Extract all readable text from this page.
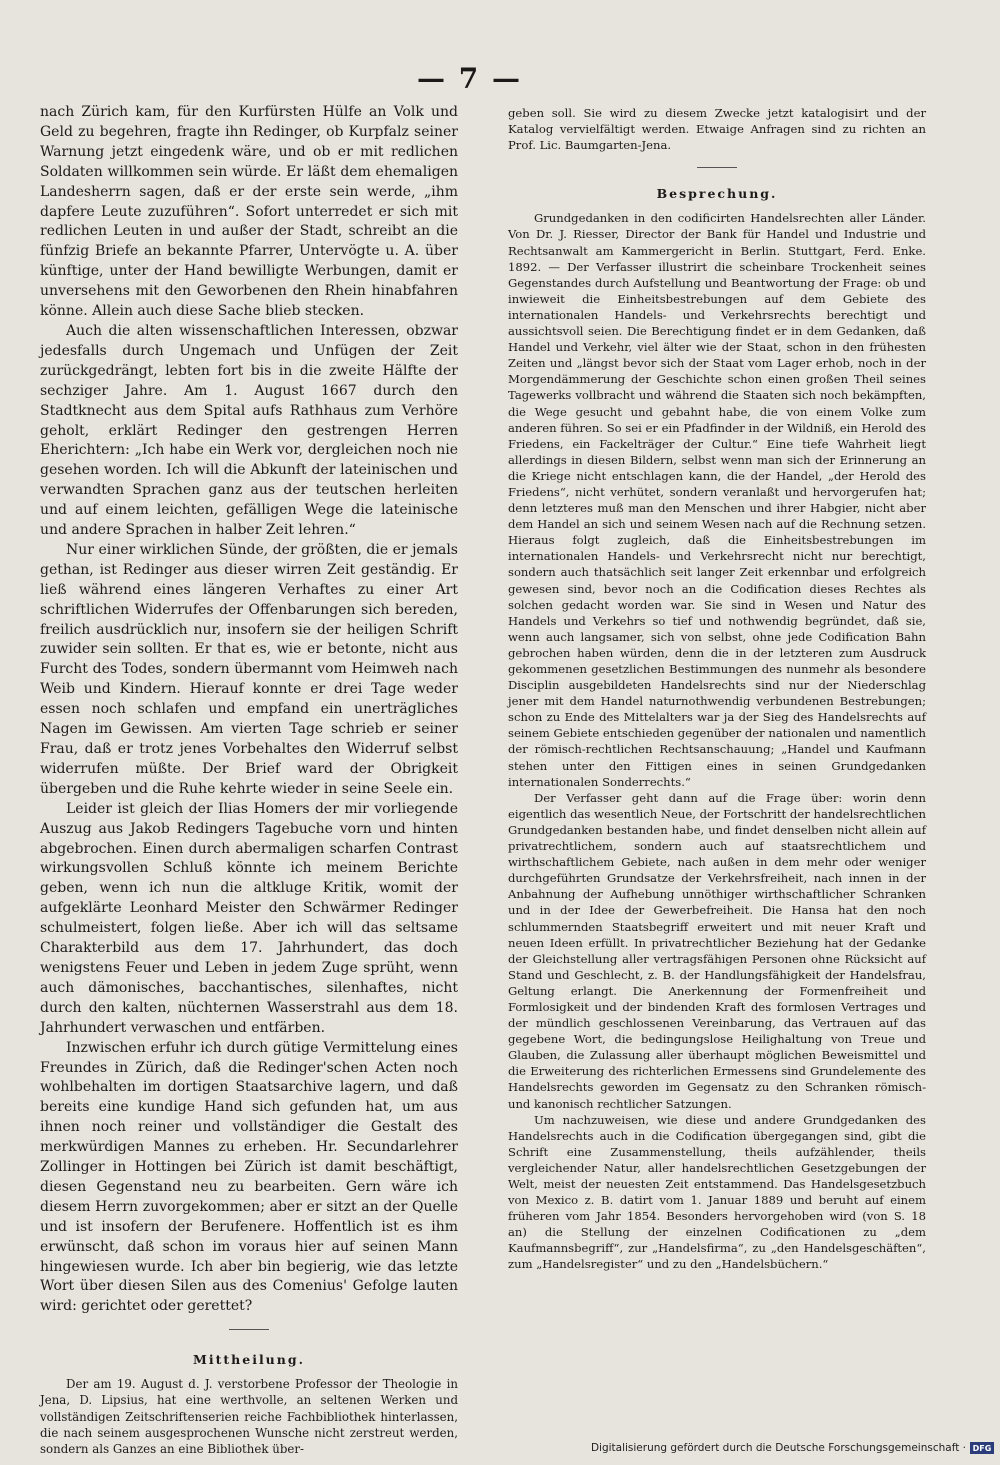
— 7 —

nach Zürich kam, für den Kurfürsten Hülfe an Volk und Geld zu begehren, fragte ihn Redinger, ob Kurpfalz seiner Warnung jetzt eingedenk wäre, und ob er mit redlichen Soldaten willkommen sein würde. Er läßt dem ehemaligen Landesherrn sagen, daß er der erste sein werde, „ihm dapfere Leute zuzuführen“. Sofort unterredet er sich mit redlichen Leuten in und außer der Stadt, schreibt an die fünfzig Briefe an bekannte Pfarrer, Untervögte u. A. über künftige, unter der Hand bewilligte Werbungen, damit er unversehens mit den Geworbenen den Rhein hinabfahren könne. Allein auch diese Sache blieb stecken.

Auch die alten wissenschaftlichen Interessen, obzwar jedesfalls durch Ungemach und Unfügen der Zeit zurückgedrängt, lebten fort bis in die zweite Hälfte der sechziger Jahre. Am 1. August 1667 durch den Stadtknecht aus dem Spital aufs Rathhaus zum Verhöre geholt, erklärt Redinger den gestrengen Herren Eherichtern: „Ich habe ein Werk vor, dergleichen noch nie gesehen worden. Ich will die Abkunft der lateinischen und verwandten Sprachen ganz aus der teutschen herleiten und auf einem leichten, gefälligen Wege die lateinische und andere Sprachen in halber Zeit lehren.“

Nur einer wirklichen Sünde, der größten, die er jemals gethan, ist Redinger aus dieser wirren Zeit geständig. Er ließ während eines längeren Verhaftes zu einer Art schriftlichen Widerrufes der Offenbarungen sich bereden, freilich ausdrücklich nur, insofern sie der heiligen Schrift zuwider sein sollten. Er that es, wie er betonte, nicht aus Furcht des Todes, sondern übermannt vom Heimweh nach Weib und Kindern. Hierauf konnte er drei Tage weder essen noch schlafen und empfand ein unerträgliches Nagen im Gewissen. Am vierten Tage schrieb er seiner Frau, daß er trotz jenes Vorbehaltes den Widerruf selbst widerrufen müßte. Der Brief ward der Obrigkeit übergeben und die Ruhe kehrte wieder in seine Seele ein.

Leider ist gleich der Ilias Homers der mir vorliegende Auszug aus Jakob Redingers Tagebuche vorn und hinten abgebrochen. Einen durch abermaligen scharfen Contrast wirkungsvollen Schluß könnte ich meinem Berichte geben, wenn ich nun die altkluge Kritik, womit der aufgeklärte Leonhard Meister den Schwärmer Redinger schulmeistert, folgen ließe. Aber ich will das seltsame Charakterbild aus dem 17. Jahrhundert, das doch wenigstens Feuer und Leben in jedem Zuge sprüht, wenn auch dämonisches, bacchantisches, silenhaftes, nicht durch den kalten, nüchternen Wasserstrahl aus dem 18. Jahrhundert verwaschen und entfärben.

Inzwischen erfuhr ich durch gütige Vermittelung eines Freundes in Zürich, daß die Redinger'schen Acten noch wohlbehalten im dortigen Staatsarchive lagern, und daß bereits eine kundige Hand sich gefunden hat, um aus ihnen noch reiner und vollständiger die Gestalt des merkwürdigen Mannes zu erheben. Hr. Secundarlehrer Zollinger in Hottingen bei Zürich ist damit beschäftigt, diesen Gegenstand neu zu bearbeiten. Gern wäre ich diesem Herrn zuvorgekommen; aber er sitzt an der Quelle und ist insofern der Berufenere. Hoffentlich ist es ihm erwünscht, daß schon im voraus hier auf seinen Mann hingewiesen wurde. Ich aber bin begierig, wie das letzte Wort über diesen Silen aus des Comenius' Gefolge lauten wird: gerichtet oder gerettet?

Mittheilung.

Der am 19. August d. J. verstorbene Professor der Theologie in Jena, D. Lipsius, hat eine werthvolle, an seltenen Werken und vollständigen Zeitschriftenserien reiche Fachbibliothek hinterlassen, die nach seinem ausgesprochenen Wunsche nicht zerstreut werden, sondern als Ganzes an eine Bibliothek über-

geben soll. Sie wird zu diesem Zwecke jetzt katalogisirt und der Katalog vervielfältigt werden. Etwaige Anfragen sind zu richten an Prof. Lic. Baumgarten-Jena.

Besprechung.

Grundgedanken in den codificirten Handelsrechten aller Länder. Von Dr. J. Riesser, Director der Bank für Handel und Industrie und Rechtsanwalt am Kammergericht in Berlin. Stuttgart, Ferd. Enke. 1892. — Der Verfasser illustrirt die scheinbare Trockenheit seines Gegenstandes durch Aufstellung und Beantwortung der Frage: ob und inwieweit die Einheitsbestrebungen auf dem Gebiete des internationalen Handels- und Verkehrsrechts berechtigt und aussichtsvoll seien. Die Berechtigung findet er in dem Gedanken, daß Handel und Verkehr, viel älter wie der Staat, schon in den frühesten Zeiten und „längst bevor sich der Staat vom Lager erhob, noch in der Morgendämmerung der Geschichte schon einen großen Theil seines Tagewerks vollbracht und während die Staaten sich noch bekämpften, die Wege gesucht und gebahnt habe, die von einem Volke zum anderen führen. So sei er ein Pfadfinder in der Wildniß, ein Herold des Friedens, ein Fackelträger der Cultur.“ Eine tiefe Wahrheit liegt allerdings in diesen Bildern, selbst wenn man sich der Erinnerung an die Kriege nicht entschlagen kann, die der Handel, „der Herold des Friedens“, nicht verhütet, sondern veranlaßt und hervorgerufen hat; denn letzteres muß man den Menschen und ihrer Habgier, nicht aber dem Handel an sich und seinem Wesen nach auf die Rechnung setzen. Hieraus folgt zugleich, daß die Einheitsbestrebungen im internationalen Handels- und Verkehrsrecht nicht nur berechtigt, sondern auch thatsächlich seit langer Zeit erkennbar und erfolgreich gewesen sind, bevor noch an die Codification dieses Rechtes als solchen gedacht worden war. Sie sind in Wesen und Natur des Handels und Verkehrs so tief und nothwendig begründet, daß sie, wenn auch langsamer, sich von selbst, ohne jede Codification Bahn gebrochen haben würden, denn die in der letzteren zum Ausdruck gekommenen gesetzlichen Bestimmungen des nunmehr als besondere Disciplin ausgebildeten Handelsrechts sind nur der Niederschlag jener mit dem Handel naturnothwendig verbundenen Bestrebungen; schon zu Ende des Mittelalters war ja der Sieg des Handelsrechts auf seinem Gebiete entschieden gegenüber der nationalen und namentlich der römisch-rechtlichen Rechtsanschauung; „Handel und Kaufmann stehen unter den Fittigen eines in seinen Grundgedanken internationalen Sonderrechts.“

Der Verfasser geht dann auf die Frage über: worin denn eigentlich das wesentlich Neue, der Fortschritt der handelsrechtlichen Grundgedanken bestanden habe, und findet denselben nicht allein auf privatrechtlichem, sondern auch auf staatsrechtlichem und wirthschaftlichem Gebiete, nach außen in dem mehr oder weniger durchgeführten Grundsatze der Verkehrsfreiheit, nach innen in der Anbahnung der Aufhebung unnöthiger wirthschaftlicher Schranken und in der Idee der Gewerbefreiheit. Die Hansa hat den noch schlummernden Staatsbegriff erweitert und mit neuer Kraft und neuen Ideen erfüllt. In privatrechtlicher Beziehung hat der Gedanke der Gleichstellung aller vertragsfähigen Personen ohne Rücksicht auf Stand und Geschlecht, z. B. der Handlungsfähigkeit der Handelsfrau, Geltung erlangt. Die Anerkennung der Formenfreiheit und Formlosigkeit und der bindenden Kraft des formlosen Vertrages und der mündlich geschlossenen Vereinbarung, das Vertrauen auf das gegebene Wort, die bedingungslose Heilighaltung von Treue und Glauben, die Zulassung aller überhaupt möglichen Beweismittel und die Erweiterung des richterlichen Ermessens sind Grundelemente des Handelsrechts geworden im Gegensatz zu den Schranken römisch- und kanonisch rechtlicher Satzungen.

Um nachzuweisen, wie diese und andere Grundgedanken des Handelsrechts auch in die Codification übergegangen sind, gibt die Schrift eine Zusammenstellung, theils aufzählender, theils vergleichender Natur, aller handelsrechtlichen Gesetzgebungen der Welt, meist der neuesten Zeit entstammend. Das Handelsgesetzbuch von Mexico z. B. datirt vom 1. Januar 1889 und beruht auf einem früheren vom Jahr 1854. Besonders hervorgehoben wird (von S. 18 an) die Stellung der einzelnen Codificationen zu „dem Kaufmannsbegriff“, zur „Handelsfirma“, zu „den Handelsgeschäften“, zum „Handelsregister“ und zu den „Handelsbüchern.“

Digitalisierung gefördert durch die Deutsche Forschungsgemeinschaft · DFG
